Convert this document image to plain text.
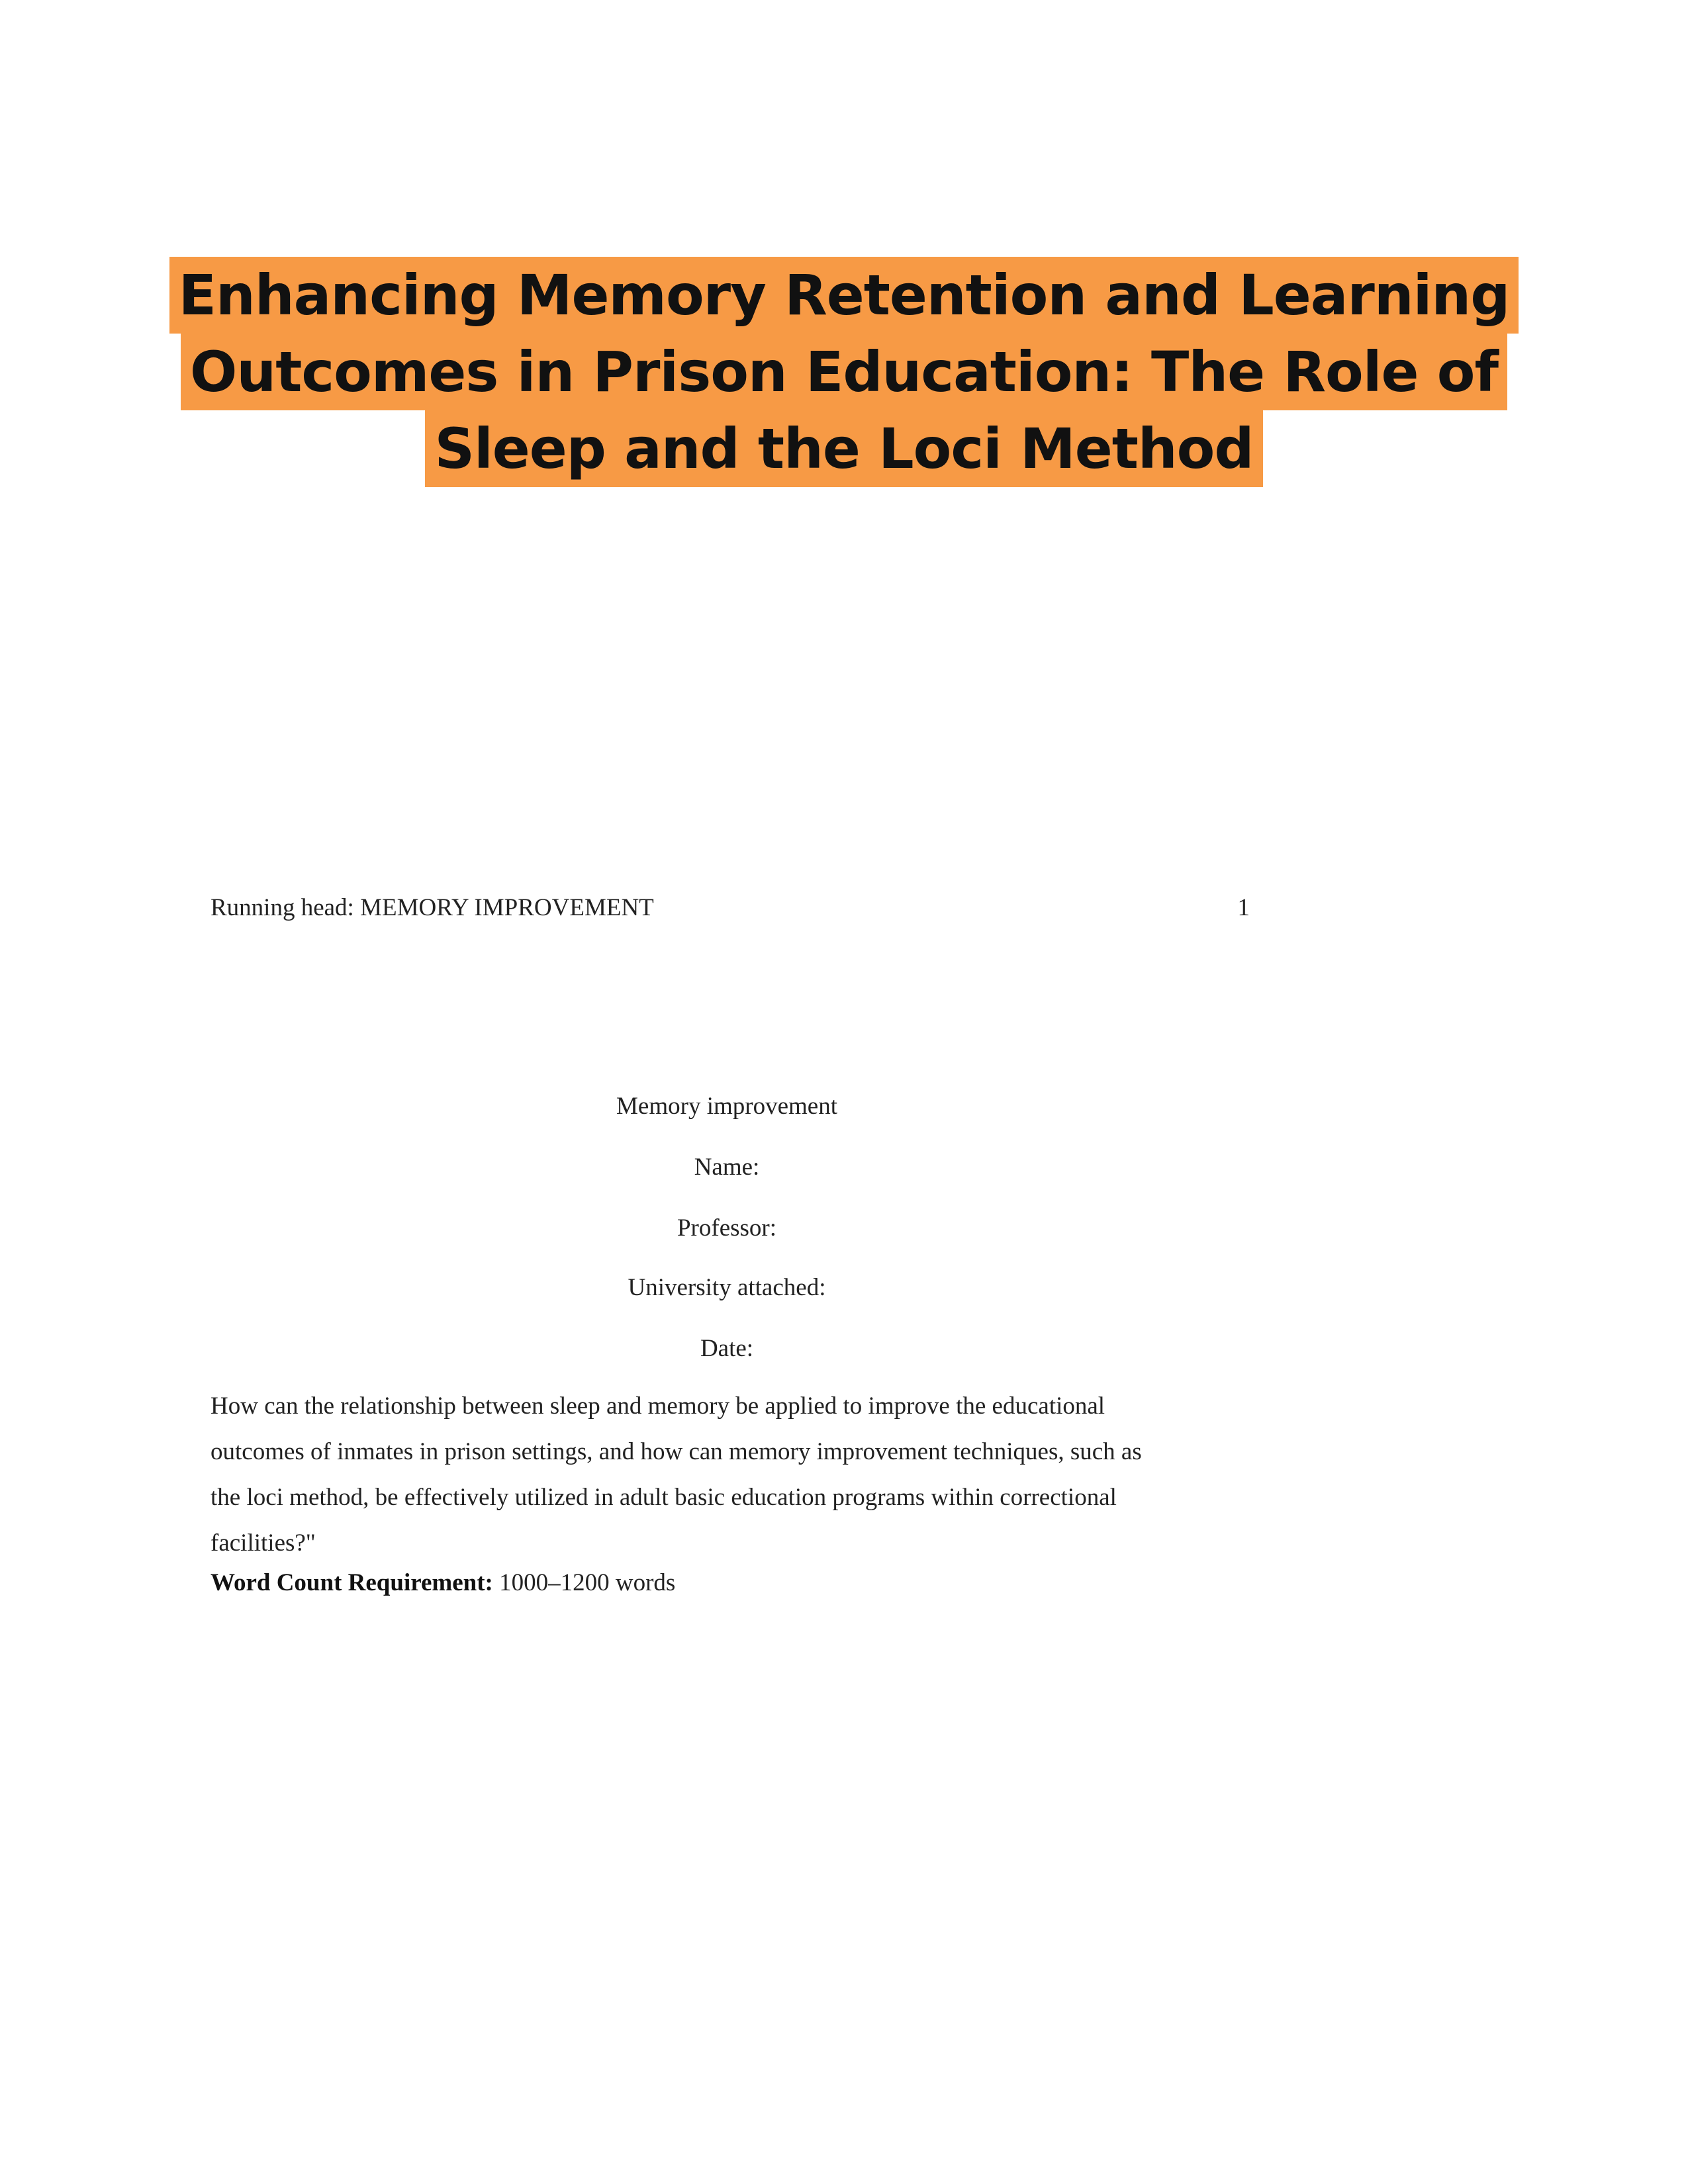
Enhancing Memory Retention and Learning
Outcomes in Prison Education: The Role of
Sleep and the Loci Method
Running head: MEMORY IMPROVEMENT	1
Memory improvement
Name:
Professor:
University attached:
Date:
How can the relationship between sleep and memory be applied to improve the educational
outcomes of inmates in prison settings, and how can memory improvement techniques, such as
the loci method, be effectively utilized in adult basic education programs within correctional
facilities?"
Word Count Requirement: 1000–1200 words
